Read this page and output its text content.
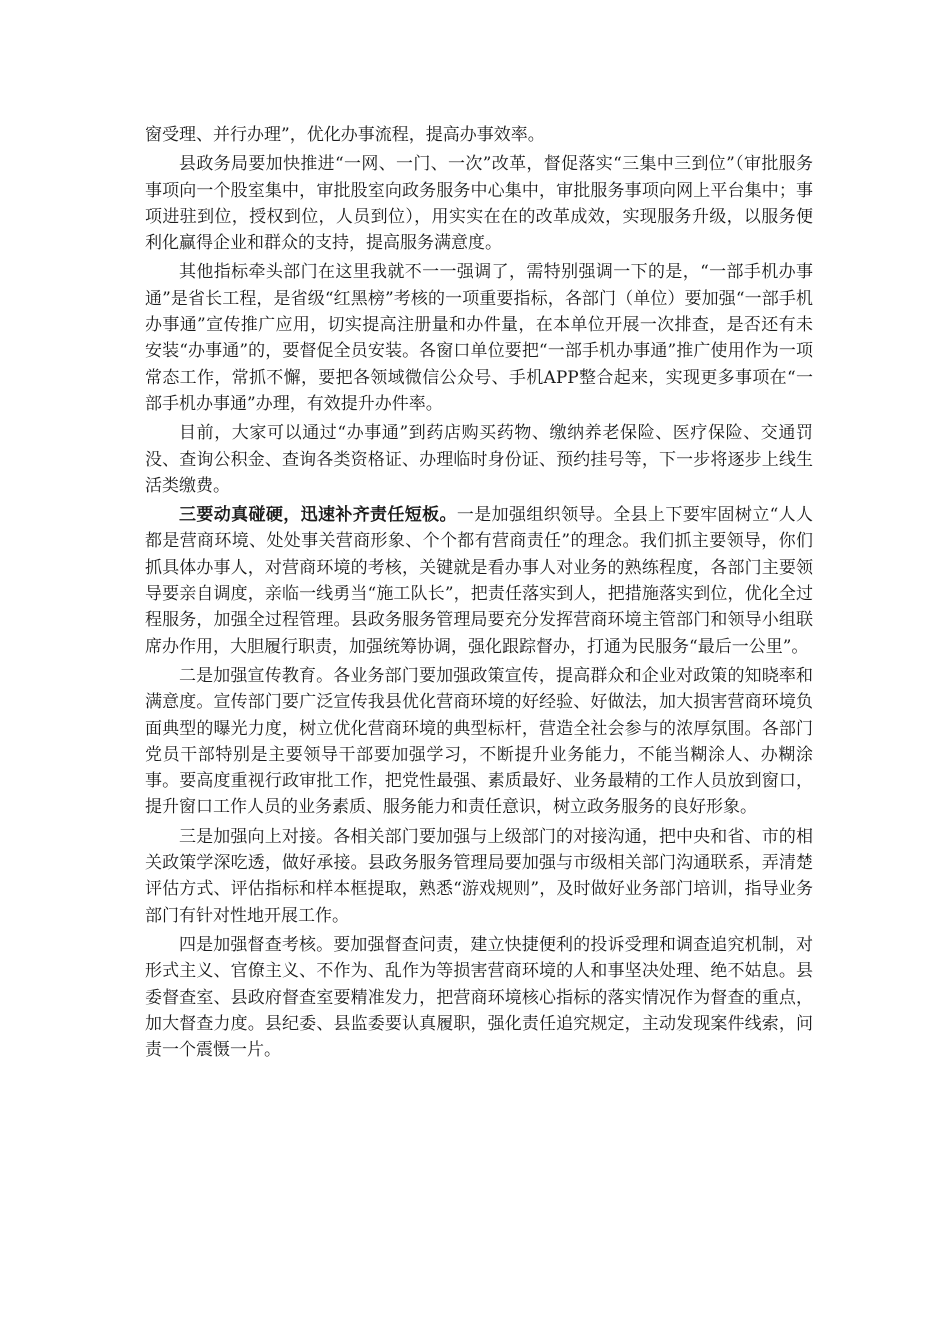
窗受理、并行办理”，优化办事流程，提高办事效率。

县政务局要加快推进“一网、一门、一次”改革，督促落实“三集中三到位”（审批服务事项向一个股室集中，审批股室向政务服务中心集中，审批服务事项向网上平台集中；事项进驻到位，授权到位，人员到位），用实实在在的改革成效，实现服务升级，以服务便利化赢得企业和群众的支持，提高服务满意度。

其他指标牵头部门在这里我就不一一强调了，需特别强调一下的是，“一部手机办事通”是省长工程，是省级“红黑榜”考核的一项重要指标，各部门（单位）要加强“一部手机办事通”宣传推广应用，切实提高注册量和办件量，在本单位开展一次排查，是否还有未安装“办事通”的，要督促全员安装。各窗口单位要把“一部手机办事通”推广使用作为一项常态工作，常抓不懈，要把各领域微信公众号、手机APP整合起来，实现更多事项在“一部手机办事通”办理，有效提升办件率。

目前，大家可以通过“办事通”到药店购买药物、缴纳养老保险、医疗保险、交通罚没、查询公积金、查询各类资格证、办理临时身份证、预约挂号等，下一步将逐步上线生活类缴费。

三要动真碰硬，迅速补齐责任短板。一是加强组织领导。全县上下要牢固树立“人人都是营商环境、处处事关营商形象、个个都有营商责任”的理念。我们抓主要领导，你们抓具体办事人，对营商环境的考核，关键就是看办事人对业务的熟练程度，各部门主要领导要亲自调度，亲临一线勇当“施工队长”，把责任落实到人，把措施落实到位，优化全过程服务，加强全过程管理。县政务服务管理局要充分发挥营商环境主管部门和领导小组联席办作用，大胆履行职责，加强统筹协调，强化跟踪督办，打通为民服务“最后一公里”。

二是加强宣传教育。各业务部门要加强政策宣传，提高群众和企业对政策的知晓率和满意度。宣传部门要广泛宣传我县优化营商环境的好经验、好做法，加大损害营商环境负面典型的曝光力度，树立优化营商环境的典型标杆，营造全社会参与的浓厚氛围。各部门党员干部特别是主要领导干部要加强学习，不断提升业务能力，不能当糊涂人、办糊涂事。要高度重视行政审批工作，把党性最强、素质最好、业务最精的工作人员放到窗口，提升窗口工作人员的业务素质、服务能力和责任意识，树立政务服务的良好形象。

三是加强向上对接。各相关部门要加强与上级部门的对接沟通，把中央和省、市的相关政策学深吃透，做好承接。县政务服务管理局要加强与市级相关部门沟通联系，弄清楚评估方式、评估指标和样本框提取，熟悉“游戏规则”，及时做好业务部门培训，指导业务部门有针对性地开展工作。

四是加强督查考核。要加强督查问责，建立快捷便利的投诉受理和调查追究机制，对形式主义、官僚主义、不作为、乱作为等损害营商环境的人和事坚决处理、绝不姑息。县委督查室、县政府督查室要精准发力，把营商环境核心指标的落实情况作为督查的重点，加大督查力度。县纪委、县监委要认真履职，强化责任追究规定，主动发现案件线索，问责一个震慑一片。
